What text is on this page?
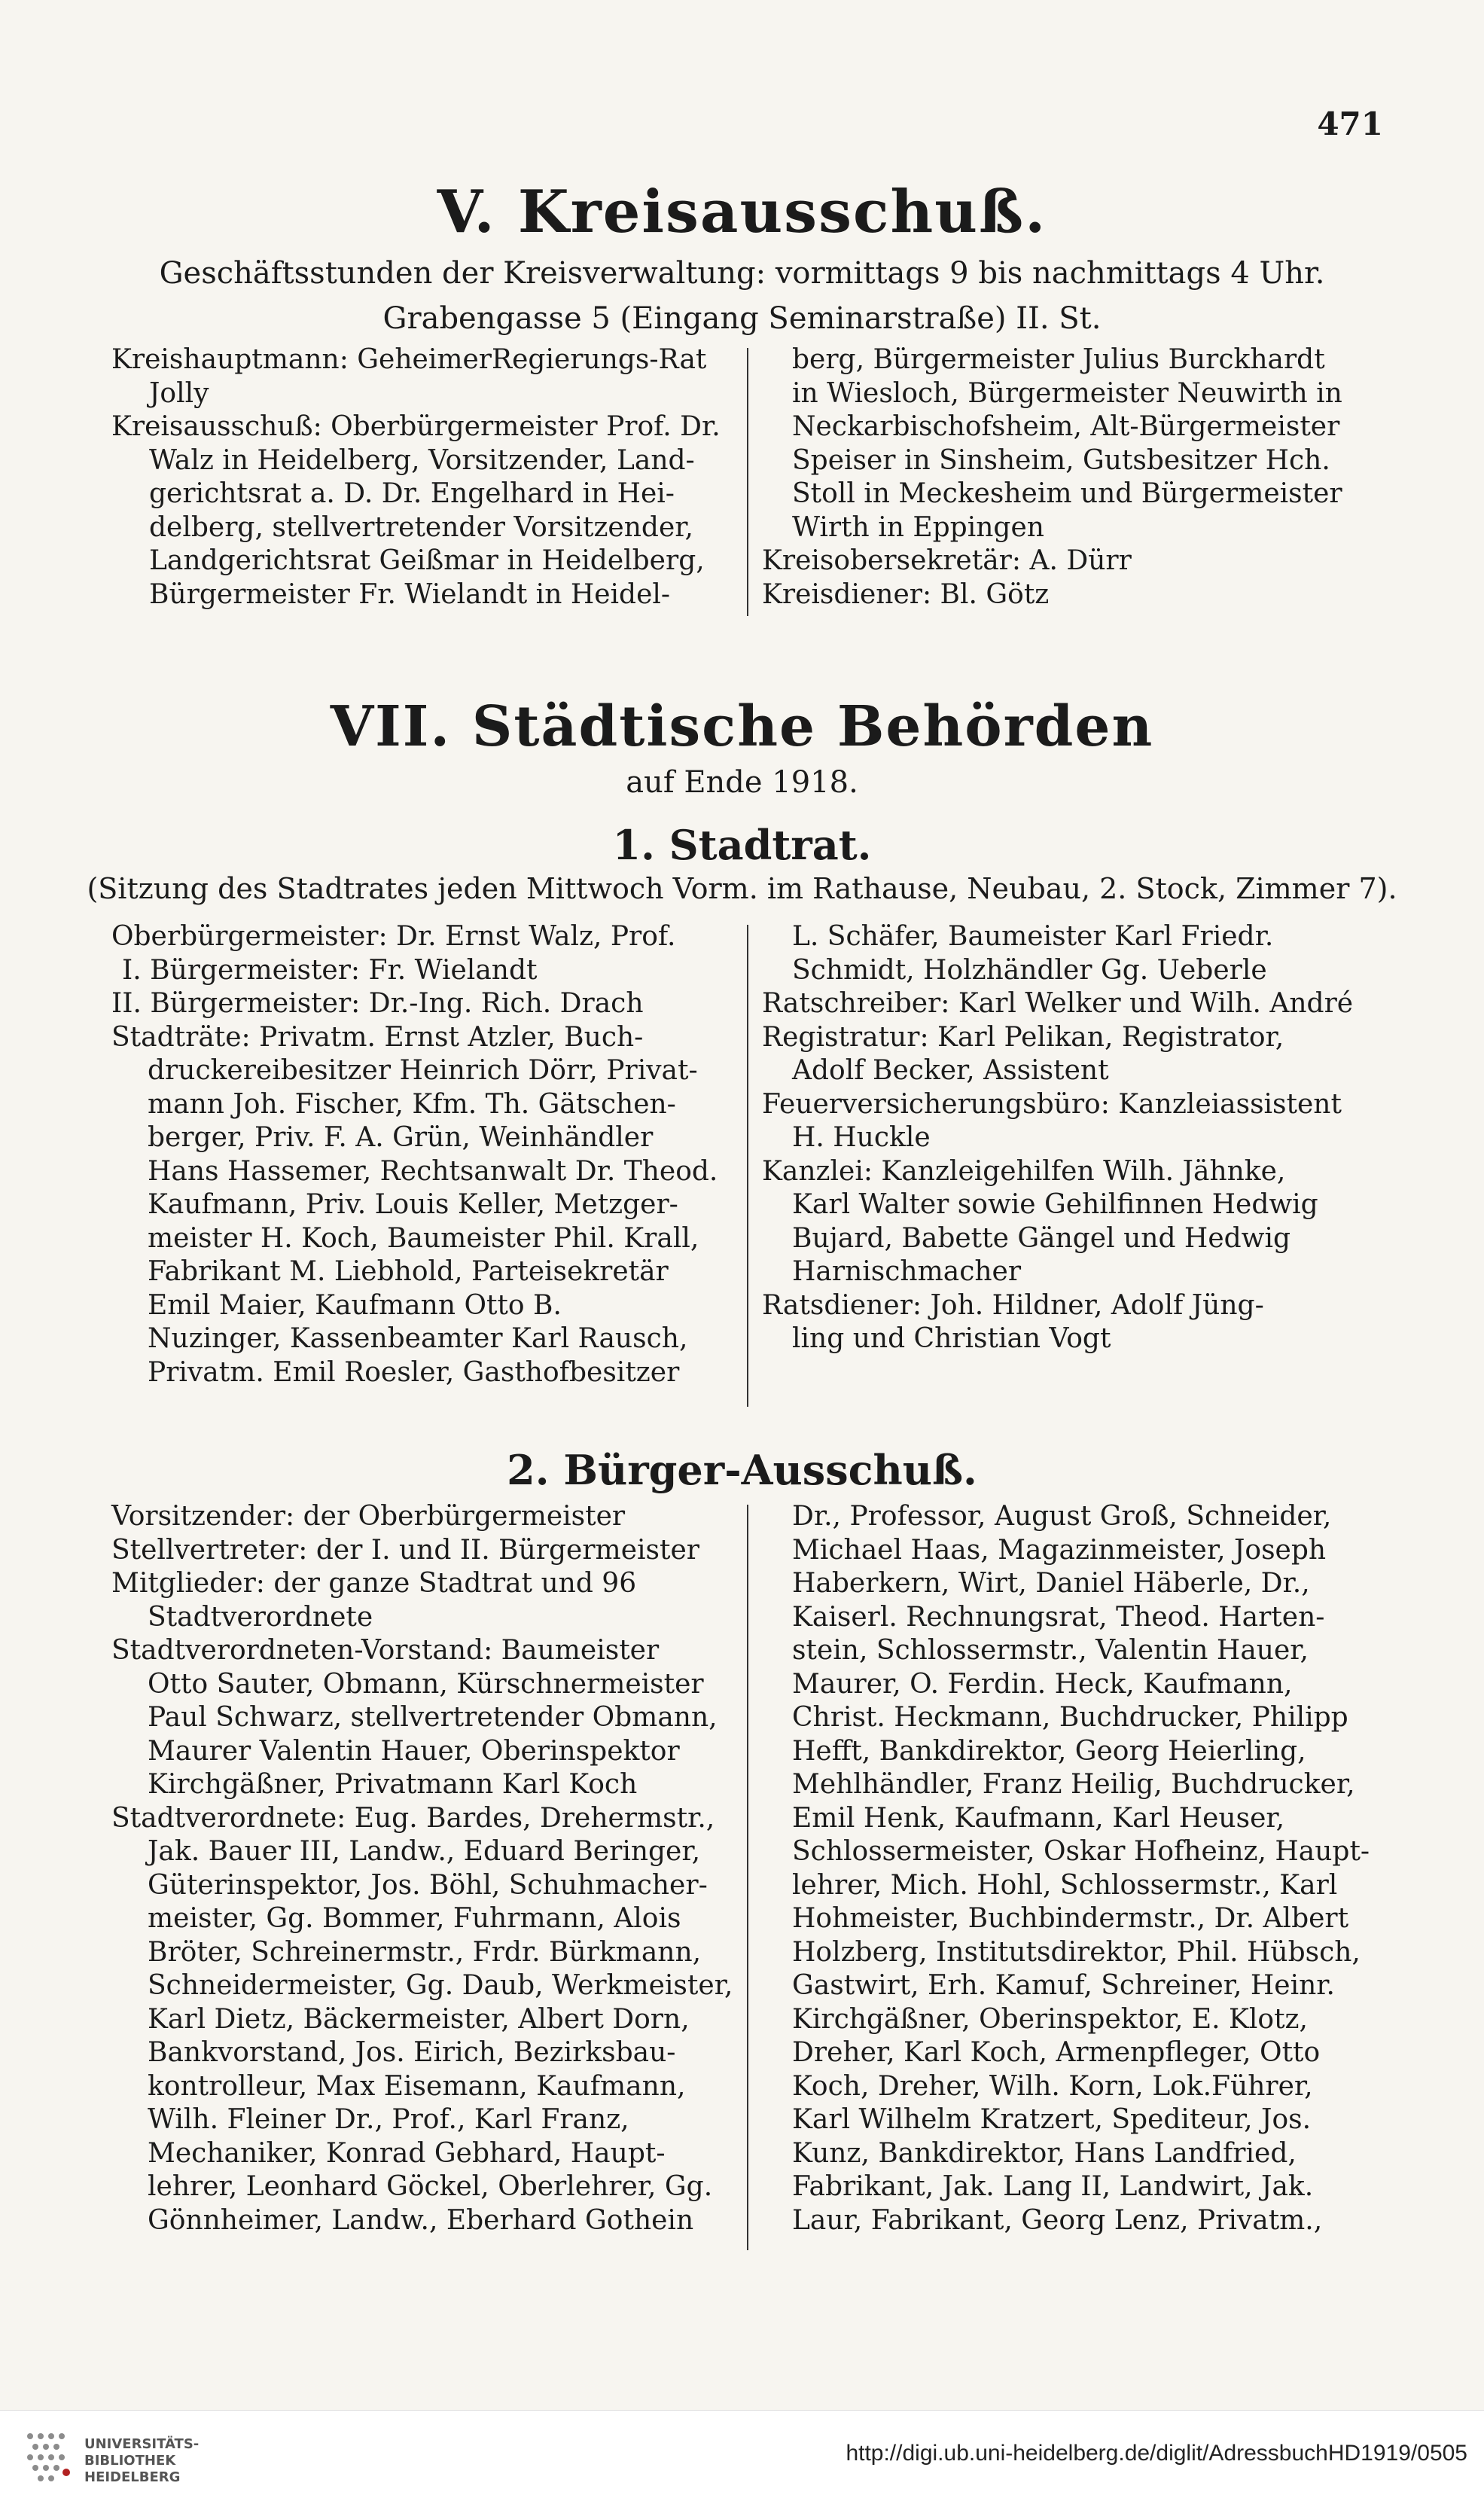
471
V. Kreisausschuß.
Geschäftsstunden der Kreisverwaltung: vormittags 9 bis nachmittags 4 Uhr.
Grabengasse 5 (Eingang Seminarstraße) II. St.
Kreishauptmann: GeheimerRegierungs-Rat
Jolly
Kreisausschuß: Oberbürgermeister Prof. Dr.
Walz in Heidelberg, Vorsitzender, Land-
gerichtsrat a. D. Dr. Engelhard in Hei-
delberg, stellvertretender Vorsitzender,
Landgerichtsrat Geißmar in Heidelberg,
Bürgermeister Fr. Wielandt in Heidel-
berg, Bürgermeister Julius Burckhardt
in Wiesloch, Bürgermeister Neuwirth in
Neckarbischofsheim, Alt-Bürgermeister
Speiser in Sinsheim, Gutsbesitzer Hch.
Stoll in Meckesheim und Bürgermeister
Wirth in Eppingen
Kreisobersekretär: A. Dürr
Kreisdiener: Bl. Götz
VII. Städtische Behörden
auf Ende 1918.
1. Stadtrat.
(Sitzung des Stadtrates jeden Mittwoch Vorm. im Rathause, Neubau, 2. Stock, Zimmer 7).
Oberbürgermeister: Dr. Ernst Walz, Prof.
I. Bürgermeister: Fr. Wielandt
II. Bürgermeister: Dr.-Ing. Rich. Drach
Stadträte: Privatm. Ernst Atzler, Buch-
druckereibesitzer Heinrich Dörr, Privat-
mann Joh. Fischer, Kfm. Th. Gätschen-
berger, Priv. F. A. Grün, Weinhändler
Hans Hassemer, Rechtsanwalt Dr. Theod.
Kaufmann, Priv. Louis Keller, Metzger-
meister H. Koch, Baumeister Phil. Krall,
Fabrikant M. Liebhold, Parteisekretär
Emil Maier, Kaufmann Otto B.
Nuzinger, Kassenbeamter Karl Rausch,
Privatm. Emil Roesler, Gasthofbesitzer
L. Schäfer, Baumeister Karl Friedr.
Schmidt, Holzhändler Gg. Ueberle
Ratschreiber: Karl Welker und Wilh. André
Registratur: Karl Pelikan, Registrator,
Adolf Becker, Assistent
Feuerversicherungsbüro: Kanzleiassistent
H. Huckle
Kanzlei: Kanzleigehilfen Wilh. Jähnke,
Karl Walter sowie Gehilfinnen Hedwig
Bujard, Babette Gängel und Hedwig
Harnischmacher
Ratsdiener: Joh. Hildner, Adolf Jüng-
ling und Christian Vogt
2. Bürger-Ausschuß.
Vorsitzender: der Oberbürgermeister
Stellvertreter: der I. und II. Bürgermeister
Mitglieder: der ganze Stadtrat und 96
Stadtverordnete
Stadtverordneten-Vorstand: Baumeister
Otto Sauter, Obmann, Kürschnermeister
Paul Schwarz, stellvertretender Obmann,
Maurer Valentin Hauer, Oberinspektor
Kirchgäßner, Privatmann Karl Koch
Stadtverordnete: Eug. Bardes, Drehermstr.,
Jak. Bauer III, Landw., Eduard Beringer,
Güterinspektor, Jos. Böhl, Schuhmacher-
meister, Gg. Bommer, Fuhrmann, Alois
Bröter, Schreinermstr., Frdr. Bürkmann,
Schneidermeister, Gg. Daub, Werkmeister,
Karl Dietz, Bäckermeister, Albert Dorn,
Bankvorstand, Jos. Eirich, Bezirksbau-
kontrolleur, Max Eisemann, Kaufmann,
Wilh. Fleiner Dr., Prof., Karl Franz,
Mechaniker, Konrad Gebhard, Haupt-
lehrer, Leonhard Göckel, Oberlehrer, Gg.
Gönnheimer, Landw., Eberhard Gothein
Dr., Professor, August Groß, Schneider,
Michael Haas, Magazinmeister, Joseph
Haberkern, Wirt, Daniel Häberle, Dr.,
Kaiserl. Rechnungsrat, Theod. Harten-
stein, Schlossermstr., Valentin Hauer,
Maurer, O. Ferdin. Heck, Kaufmann,
Christ. Heckmann, Buchdrucker, Philipp
Hefft, Bankdirektor, Georg Heierling,
Mehlhändler, Franz Heilig, Buchdrucker,
Emil Henk, Kaufmann, Karl Heuser,
Schlossermeister, Oskar Hofheinz, Haupt-
lehrer, Mich. Hohl, Schlossermstr., Karl
Hohmeister, Buchbindermstr., Dr. Albert
Holzberg, Institutsdirektor, Phil. Hübsch,
Gastwirt, Erh. Kamuf, Schreiner, Heinr.
Kirchgäßner, Oberinspektor, E. Klotz,
Dreher, Karl Koch, Armenpfleger, Otto
Koch, Dreher, Wilh. Korn, Lok.Führer,
Karl Wilhelm Kratzert, Spediteur, Jos.
Kunz, Bankdirektor, Hans Landfried,
Fabrikant, Jak. Lang II, Landwirt, Jak.
Laur, Fabrikant, Georg Lenz, Privatm.,
UNIVERSITÄTS-
BIBLIOTHEK
HEIDELBERG
http://digi.ub.uni-heidelberg.de/diglit/AdressbuchHD1919/0505
